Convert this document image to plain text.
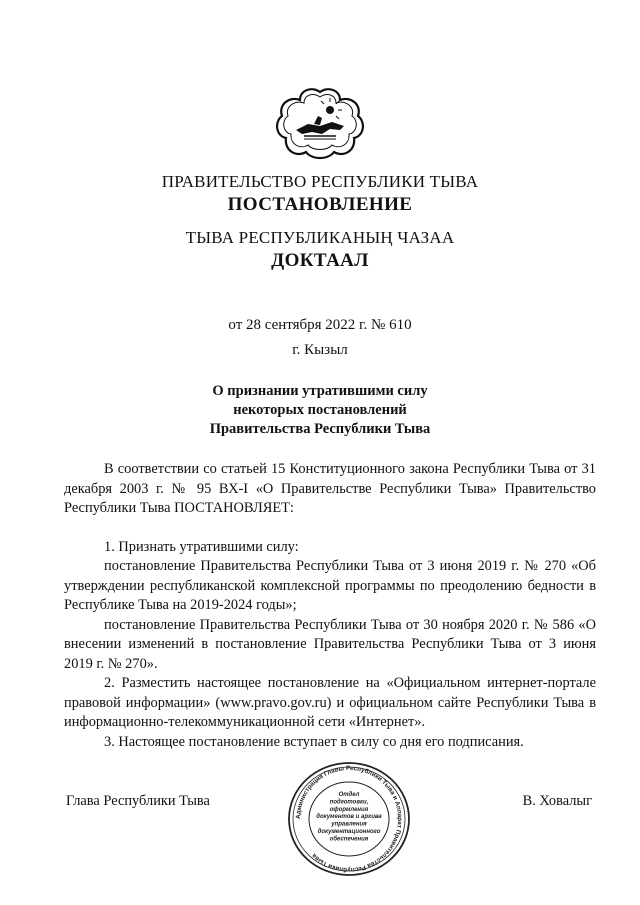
ПРАВИТЕЛЬСТВО РЕСПУБЛИКИ ТЫВА
ПОСТАНОВЛЕНИЕ
ТЫВА РЕСПУБЛИКАНЫҢ ЧАЗАА
ДОКТААЛ
от 28 сентября 2022 г. № 610
г. Кызыл
О признании утратившими силу
некоторых постановлений
Правительства Республики Тыва

В соответствии со статьей 15 Конституционного закона Республики Тыва от 31 декабря 2003 г. № 95 ВХ-I «О Правительстве Республики Тыва» Правительство Республики Тыва ПОСТАНОВЛЯЕТ:

1. Признать утратившими силу:

постановление Правительства Республики Тыва от 3 июня 2019 г. № 270 «Об утверждении республиканской комплексной программы по преодолению бедности в Республике Тыва на 2019-2024 годы»;

постановление Правительства Республики Тыва от 30 ноября 2020 г. № 586 «О внесении изменений в постановление Правительства Республики Тыва от 3 июня 2019 г. № 270».

2. Разместить настоящее постановление на «Официальном интернет-портале правовой информации» (www.pravo.gov.ru) и официальном сайте Республики Тыва в информационно-телекоммуникационной сети «Интернет».

3. Настоящее постановление вступает в силу со дня его подписания.

Глава Республики Тыва	В. Ховалыг
Администрация Главы Республики Тыва и Аппарат Правительства Республики Тыва
Отдел подготовки, оформления документов и архива управления документационного обеспечения
